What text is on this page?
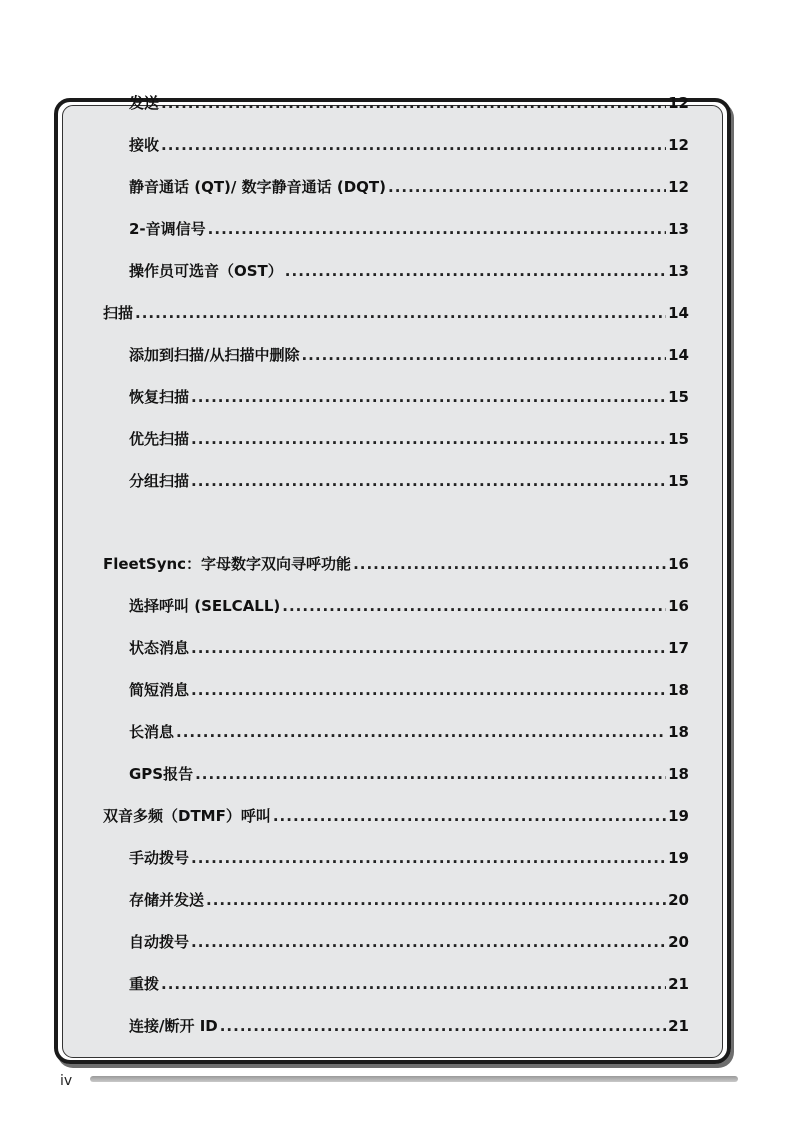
发送 .....	12
接收 .....	12
静音通话 (QT)/ 数字静音通话 (DQT) .....	12
2-音调信号 .....	13
操作员可选音（OST） .....	13
扫描 .....	14
添加到扫描/从扫描中删除 .....	14
恢复扫描 .....	15
优先扫描 .....	15
分组扫描 .....	15
FleetSync：字母数字双向寻呼功能 .....	16
选择呼叫 (SELCALL) .....	16
状态消息 .....	17
简短消息 .....	18
长消息 .....	18
GPS报告 .....	18
双音多频（DTMF）呼叫 .....	19
手动拨号 .....	19
存储并发送 .....	20
自动拨号 .....	20
重拨 .....	21
连接/断开 ID .....	21
iv
